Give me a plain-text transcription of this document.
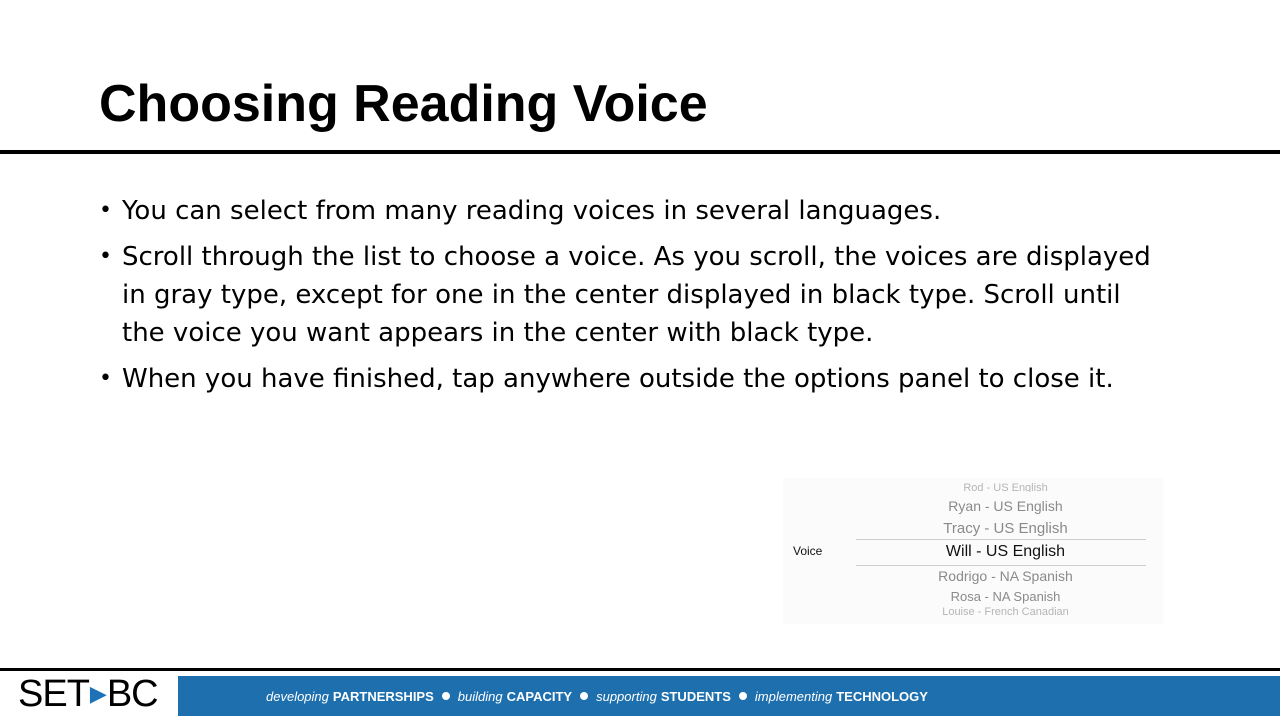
Choosing Reading Voice
• You can select from many reading voices in several languages.
• Scroll through the list to choose a voice. As you scroll, the voices are displayed in gray type, except for one in the center displayed in black type. Scroll until the voice you want appears in the center with black type.
• When you have finished, tap anywhere outside the options panel to close it.
Voice
Rod - US English
Ryan - US English
Tracy - US English
Will - US English
Rodrigo - NA Spanish
Rosa - NA Spanish
Louise - French Canadian
SET ▶ BC	developing PARTNERSHIPS building CAPACITY supporting STUDENTS implementing TECHNOLOGY
